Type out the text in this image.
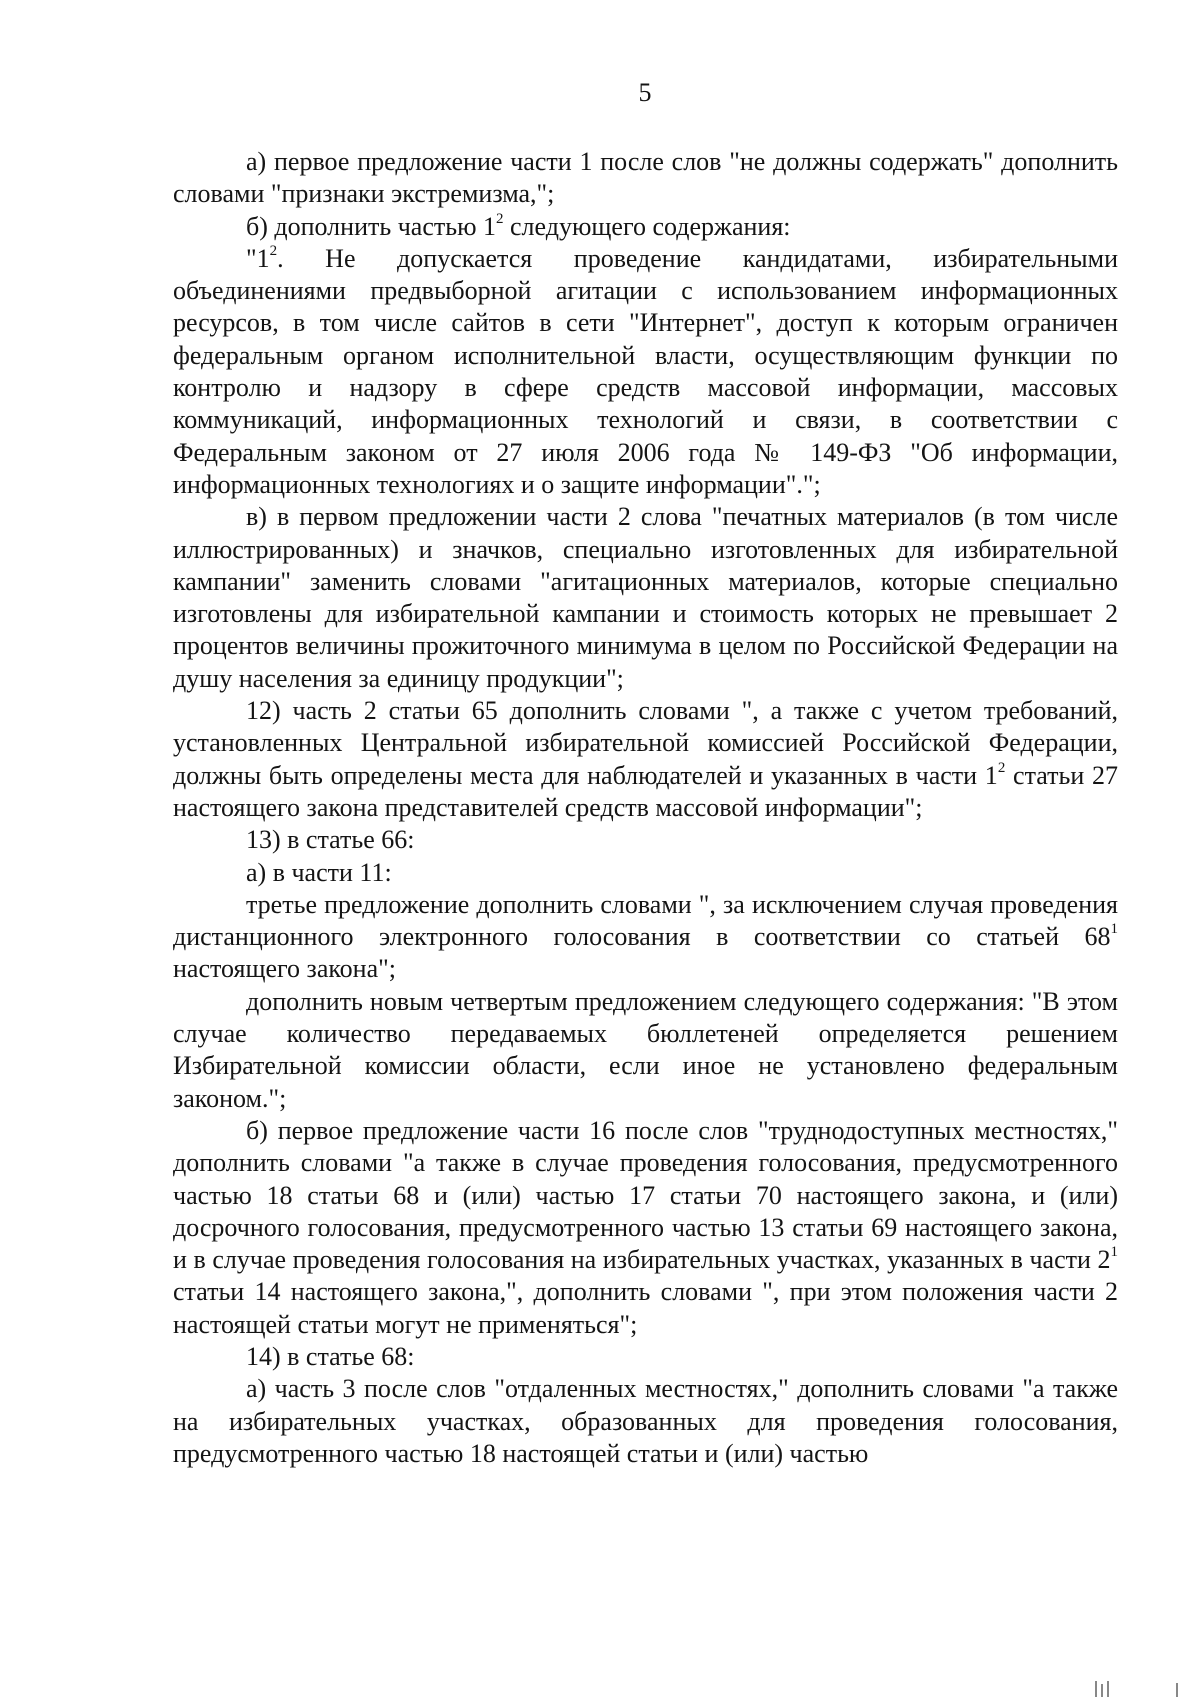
5

а) первое предложение части 1 после слов "не должны содержать" дополнить словами "признаки экстремизма,";

б) дополнить частью $1^2$ следующего содержания:

"$1^2$. Не допускается проведение кандидатами, избирательными объединениями предвыборной агитации с использованием информационных ресурсов, в том числе сайтов в сети "Интернет", доступ к которым ограничен федеральным органом исполнительной власти, осуществляющим функции по контролю и надзору в сфере средств массовой информации, массовых коммуникаций, информационных технологий и связи, в соответствии с Федеральным законом от 27 июля 2006 года № 149-ФЗ "Об информации, информационных технологиях и о защите информации".";

в) в первом предложении части 2 слова "печатных материалов (в том числе иллюстрированных) и значков, специально изготовленных для избирательной кампании" заменить словами "агитационных материалов, которые специально изготовлены для избирательной кампании и стоимость которых не превышает 2 процентов величины прожиточного минимума в целом по Российской Федерации на душу населения за единицу продукции";

12) часть 2 статьи 65 дополнить словами ", а также с учетом требований, установленных Центральной избирательной комиссией Российской Федерации, должны быть определены места для наблюдателей и указанных в части $1^2$ статьи 27 настоящего закона представителей средств массовой информации";

13) в статье 66:

а) в части 11:

третье предложение дополнить словами ", за исключением случая проведения дистанционного электронного голосования в соответствии со статьей $68^1$ настоящего закона";

дополнить новым четвертым предложением следующего содержания: "В этом случае количество передаваемых бюллетеней определяется решением Избирательной комиссии области, если иное не установлено федеральным законом.";

б) первое предложение части 16 после слов "труднодоступных местностях," дополнить словами "а также в случае проведения голосования, предусмотренного частью 18 статьи 68 и (или) частью 17 статьи 70 настоящего закона, и (или) досрочного голосования, предусмотренного частью 13 статьи 69 настоящего закона, и в случае проведения голосования на избирательных участках, указанных в части $2^1$ статьи 14 настоящего закона,", дополнить словами ", при этом положения части 2 настоящей статьи могут не применяться";

14) в статье 68:

а) часть 3 после слов "отдаленных местностях," дополнить словами "а также на избирательных участках, образованных для проведения голосования, предусмотренного частью 18 настоящей статьи и (или) частью
